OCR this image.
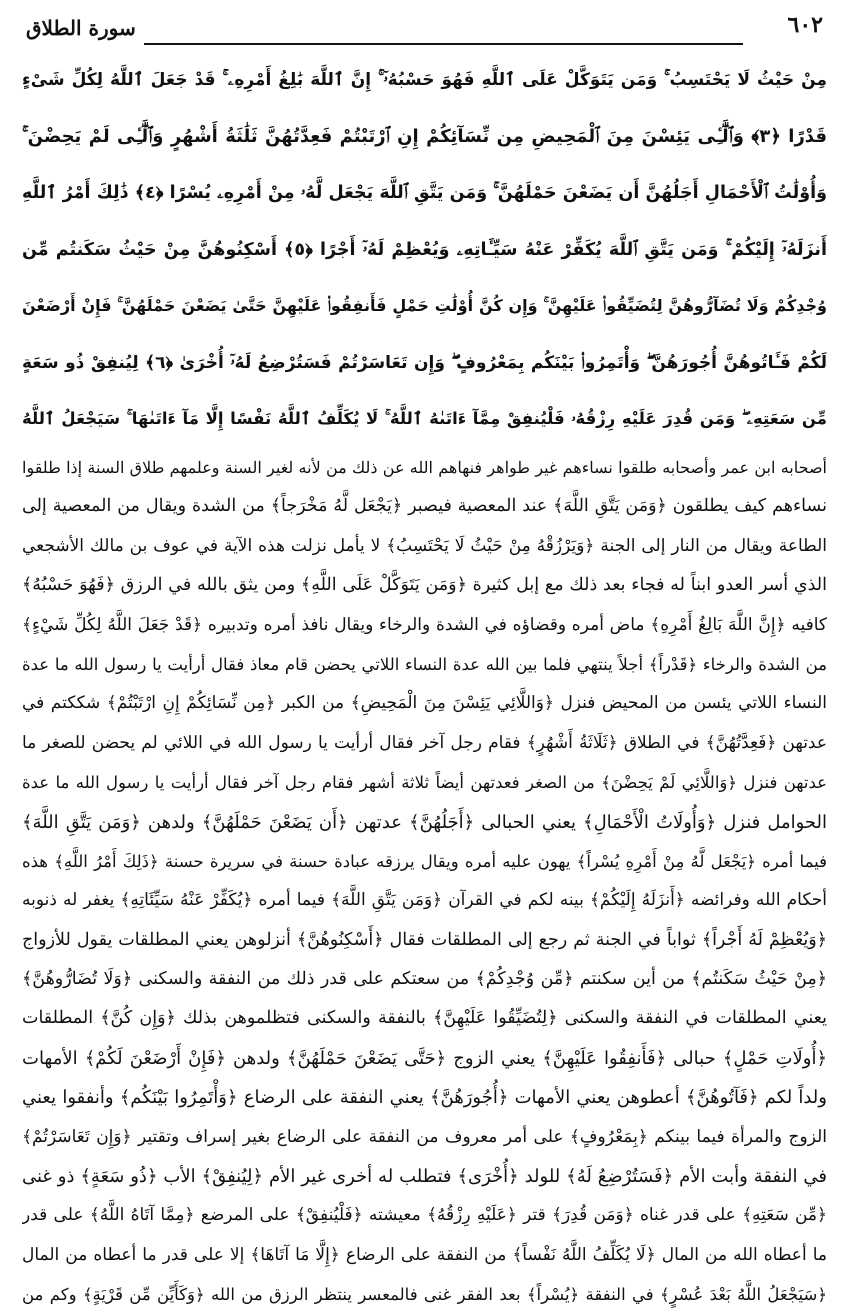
٦٠٢
سورة الطلاق
مِنْ حَيْثُ لَا يَحْتَسِبُ ۚ وَمَن يَتَوَكَّلْ عَلَى ٱللَّهِ فَهُوَ حَسْبُهُۥٓ ۚ إِنَّ ٱللَّهَ بَٰلِغُ أَمْرِهِۦ ۚ قَدْ جَعَلَ ٱللَّهُ لِكُلِّ شَىْءٍ
قَدْرًا ﴿٣﴾ وَٱلَّٰٓـِٔى يَئِسْنَ مِنَ ٱلْمَحِيضِ مِن نِّسَآئِكُمْ إِنِ ٱرْتَبْتُمْ فَعِدَّتُهُنَّ ثَلَٰثَةُ أَشْهُرٍ وَٱلَّٰٓـِٔى لَمْ يَحِضْنَ ۚ
وَأُوْلَٰتُ ٱلْأَحْمَالِ أَجَلُهُنَّ أَن يَضَعْنَ حَمْلَهُنَّ ۚ وَمَن يَتَّقِ ٱللَّهَ يَجْعَل لَّهُۥ مِنْ أَمْرِهِۦ يُسْرًا ﴿٤﴾ ذَٰلِكَ أَمْرُ ٱللَّهِ
أَنزَلَهُۥٓ إِلَيْكُمْ ۚ وَمَن يَتَّقِ ٱللَّهَ يُكَفِّرْ عَنْهُ سَيِّـَٔاتِهِۦ وَيُعْظِمْ لَهُۥٓ أَجْرًا ﴿٥﴾ أَسْكِنُوهُنَّ مِنْ حَيْثُ سَكَنتُم مِّن
وُجْدِكُمْ وَلَا تُضَآرُّوهُنَّ لِتُضَيِّقُوا۟ عَلَيْهِنَّ ۚ وَإِن كُنَّ أُوْلَٰتِ حَمْلٍ فَأَنفِقُوا۟ عَلَيْهِنَّ حَتَّىٰ يَضَعْنَ حَمْلَهُنَّ ۚ فَإِنْ أَرْضَعْنَ
لَكُمْ فَـَٔاتُوهُنَّ أُجُورَهُنَّ ۖ وَأْتَمِرُوا۟ بَيْنَكُم بِمَعْرُوفٍ ۖ وَإِن تَعَاسَرْتُمْ فَسَتُرْضِعُ لَهُۥٓ أُخْرَىٰ ﴿٦﴾ لِيُنفِقْ ذُو سَعَةٍ
مِّن سَعَتِهِۦ ۖ وَمَن قُدِرَ عَلَيْهِ رِزْقُهُۥ فَلْيُنفِقْ مِمَّآ ءَاتَىٰهُ ٱللَّهُ ۚ لَا يُكَلِّفُ ٱللَّهُ نَفْسًا إِلَّا مَآ ءَاتَىٰهَا ۚ سَيَجْعَلُ ٱللَّهُ
أصحابه ابن عمر وأصحابه طلقوا نساءهم غير طواهر فنهاهم الله عن ذلك من لأنه لغير السنة وعلمهم طلاق السنة إذا طلقوا
نساءهم كيف يطلقون ﴿وَمَن يَتَّقِ اللَّهَ﴾ عند المعصية فيصبر ﴿يَجْعَل لَّهُ مَخْرَجاً﴾ من الشدة ويقال من المعصية إلى
الطاعة ويقال من النار إلى الجنة ﴿وَيَرْزُقْهُ مِنْ حَيْثُ لَا يَحْتَسِبُ﴾ لا يأمل نزلت هذه الآية في عوف بن مالك الأشجعي
الذي أسر العدو ابناً له فجاء بعد ذلك مع إبل كثيرة ﴿وَمَن يَتَوَكَّلْ عَلَى اللَّهِ﴾ ومن يثق بالله في الرزق ﴿فَهُوَ حَسْبُهُ﴾
كافيه ﴿إِنَّ اللَّهَ بَالِغُ أَمْرِهِ﴾ ماض أمره وقضاؤه في الشدة والرخاء ويقال نافذ أمره وتدبيره ﴿قَدْ جَعَلَ اللَّهُ لِكُلِّ شَيْءٍ﴾
من الشدة والرخاء ﴿قَدْراً﴾ أجلاً ينتهي فلما بين الله عدة النساء اللاتي يحضن قام معاذ فقال أرأيت يا رسول الله ما عدة
النساء اللاتي يئسن من المحيض فنزل ﴿وَاللَّائِي يَئِسْنَ مِنَ الْمَحِيضِ﴾ من الكبر ﴿مِن نِّسَائِكُمْ إِنِ ارْتَبْتُمْ﴾ شككتم في
عدتهن ﴿فَعِدَّتُهُنَّ﴾ في الطلاق ﴿ثَلَاثَةُ أَشْهُرٍ﴾ فقام رجل آخر فقال أرأيت يا رسول الله في اللائي لم يحضن للصغر ما
عدتهن فنزل ﴿وَاللَّائِي لَمْ يَحِضْنَ﴾ من الصغر فعدتهن أيضاً ثلاثة أشهر فقام رجل آخر فقال أرأيت يا رسول الله ما عدة
الحوامل فنزل ﴿وَأُولَاتُ الْأَحْمَالِ﴾ يعني الحبالى ﴿أَجَلُهُنَّ﴾ عدتهن ﴿أَن يَضَعْنَ حَمْلَهُنَّ﴾ ولدهن ﴿وَمَن يَتَّقِ اللَّهَ﴾
فيما أمره ﴿يَجْعَل لَّهُ مِنْ أَمْرِهِ يُسْراً﴾ يهون عليه أمره ويقال يرزقه عبادة حسنة في سريرة حسنة ﴿ذَلِكَ أَمْرُ اللَّهِ﴾ هذه
أحكام الله وفرائضه ﴿أَنزَلَهُ إِلَيْكُمْ﴾ بينه لكم في القرآن ﴿وَمَن يَتَّقِ اللَّهَ﴾ فيما أمره ﴿يُكَفِّرْ عَنْهُ سَيِّئَاتِهِ﴾ يغفر له ذنوبه
﴿وَيُعْظِمْ لَهُ أَجْراً﴾ ثواباً في الجنة ثم رجع إلى المطلقات فقال ﴿أَسْكِنُوهُنَّ﴾ أنزلوهن يعني المطلقات يقول للأزواج
﴿مِنْ حَيْثُ سَكَنتُم﴾ من أين سكنتم ﴿مِّن وُجْدِكُمْ﴾ من سعتكم على قدر ذلك من النفقة والسكنى ﴿وَلَا تُضَارُّوهُنَّ﴾
يعني المطلقات في النفقة والسكنى ﴿لِتُضَيِّقُوا عَلَيْهِنَّ﴾ بالنفقة والسكنى فتظلموهن بذلك ﴿وَإِن كُنَّ﴾ المطلقات
﴿أُولَاتِ حَمْلٍ﴾ حبالى ﴿فَأَنفِقُوا عَلَيْهِنَّ﴾ يعني الزوج ﴿حَتَّى يَضَعْنَ حَمْلَهُنَّ﴾ ولدهن ﴿فَإِنْ أَرْضَعْنَ لَكُمْ﴾ الأمهات
ولداً لكم ﴿فَآتُوهُنَّ﴾ أعطوهن يعني الأمهات ﴿أُجُورَهُنَّ﴾ يعني النفقة على الرضاع ﴿وَأْتَمِرُوا بَيْنَكُم﴾ وأنفقوا يعني
الزوج والمرأة فيما بينكم ﴿بِمَعْرُوفٍ﴾ على أمر معروف من النفقة على الرضاع بغير إسراف وتقتير ﴿وَإِن تَعَاسَرْتُمْ﴾
في النفقة وأبت الأم ﴿فَسَتُرْضِعُ لَهُ﴾ للولد ﴿أُخْرَى﴾ فتطلب له أخرى غير الأم ﴿لِيُنفِقْ﴾ الأب ﴿ذُو سَعَةٍ﴾ ذو غنى
﴿مِّن سَعَتِهِ﴾ على قدر غناه ﴿وَمَن قُدِرَ﴾ قتر ﴿عَلَيْهِ رِزْقُهُ﴾ معيشته ﴿فَلْيُنفِقْ﴾ على المرضع ﴿مِمَّا آتَاهُ اللَّهُ﴾ على قدر
ما أعطاه الله من المال ﴿لَا يُكَلِّفُ اللَّهُ نَفْساً﴾ من النفقة على الرضاع ﴿إِلَّا مَا آتَاهَا﴾ إلا على قدر ما أعطاه من المال
﴿سَيَجْعَلُ اللَّهُ بَعْدَ عُسْرٍ﴾ في النفقة ﴿يُسْراً﴾ بعد الفقر غنى فالمعسر ينتظر الرزق من الله ﴿وَكَأَيِّن مِّن قَرْيَةٍ﴾ وكم من
